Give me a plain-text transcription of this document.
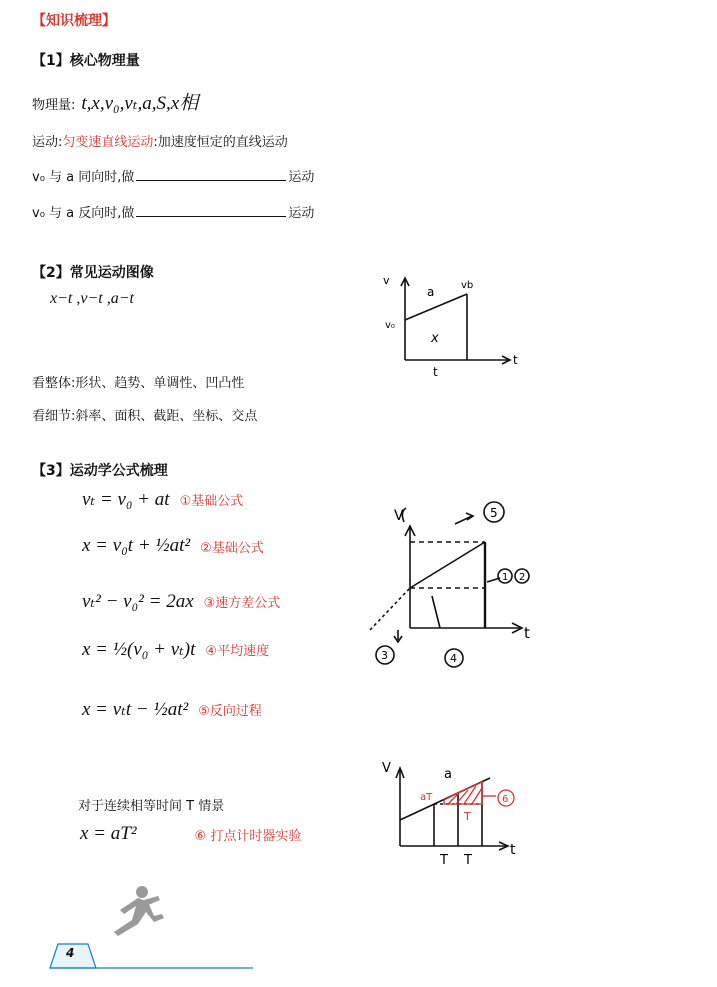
【知识梳理】
【1】核心物理量
物理量: t,x,v₀,vₜ,a,S,x相
运动:匀变速直线运动:加速度恒定的直线运动
v₀ 与 a 同向时,做	运动
v₀ 与 a 反向时,做	运动
【2】常见运动图像
x−t ,v−t ,a−t
看整体:形状、趋势、单调性、凹凸性
看细节:斜率、面积、截距、坐标、交点
v
a	vb
v₀
x
t
t
【3】运动学公式梳理
vₜ = v₀ + at ①基础公式
x = v₀t + ½at² ②基础公式
vₜ² − v₀² = 2ax ③速方差公式
x = ½(v₀ + vₜ)t ④平均速度
x = vₜt − ½at² ⑤反向过程
V
t
5
1 2
3	4
对于连续相等时间 T 情景
x = aT²	⑥ 打点计时器实验
V	a
aT
T
6
T T
t
4
